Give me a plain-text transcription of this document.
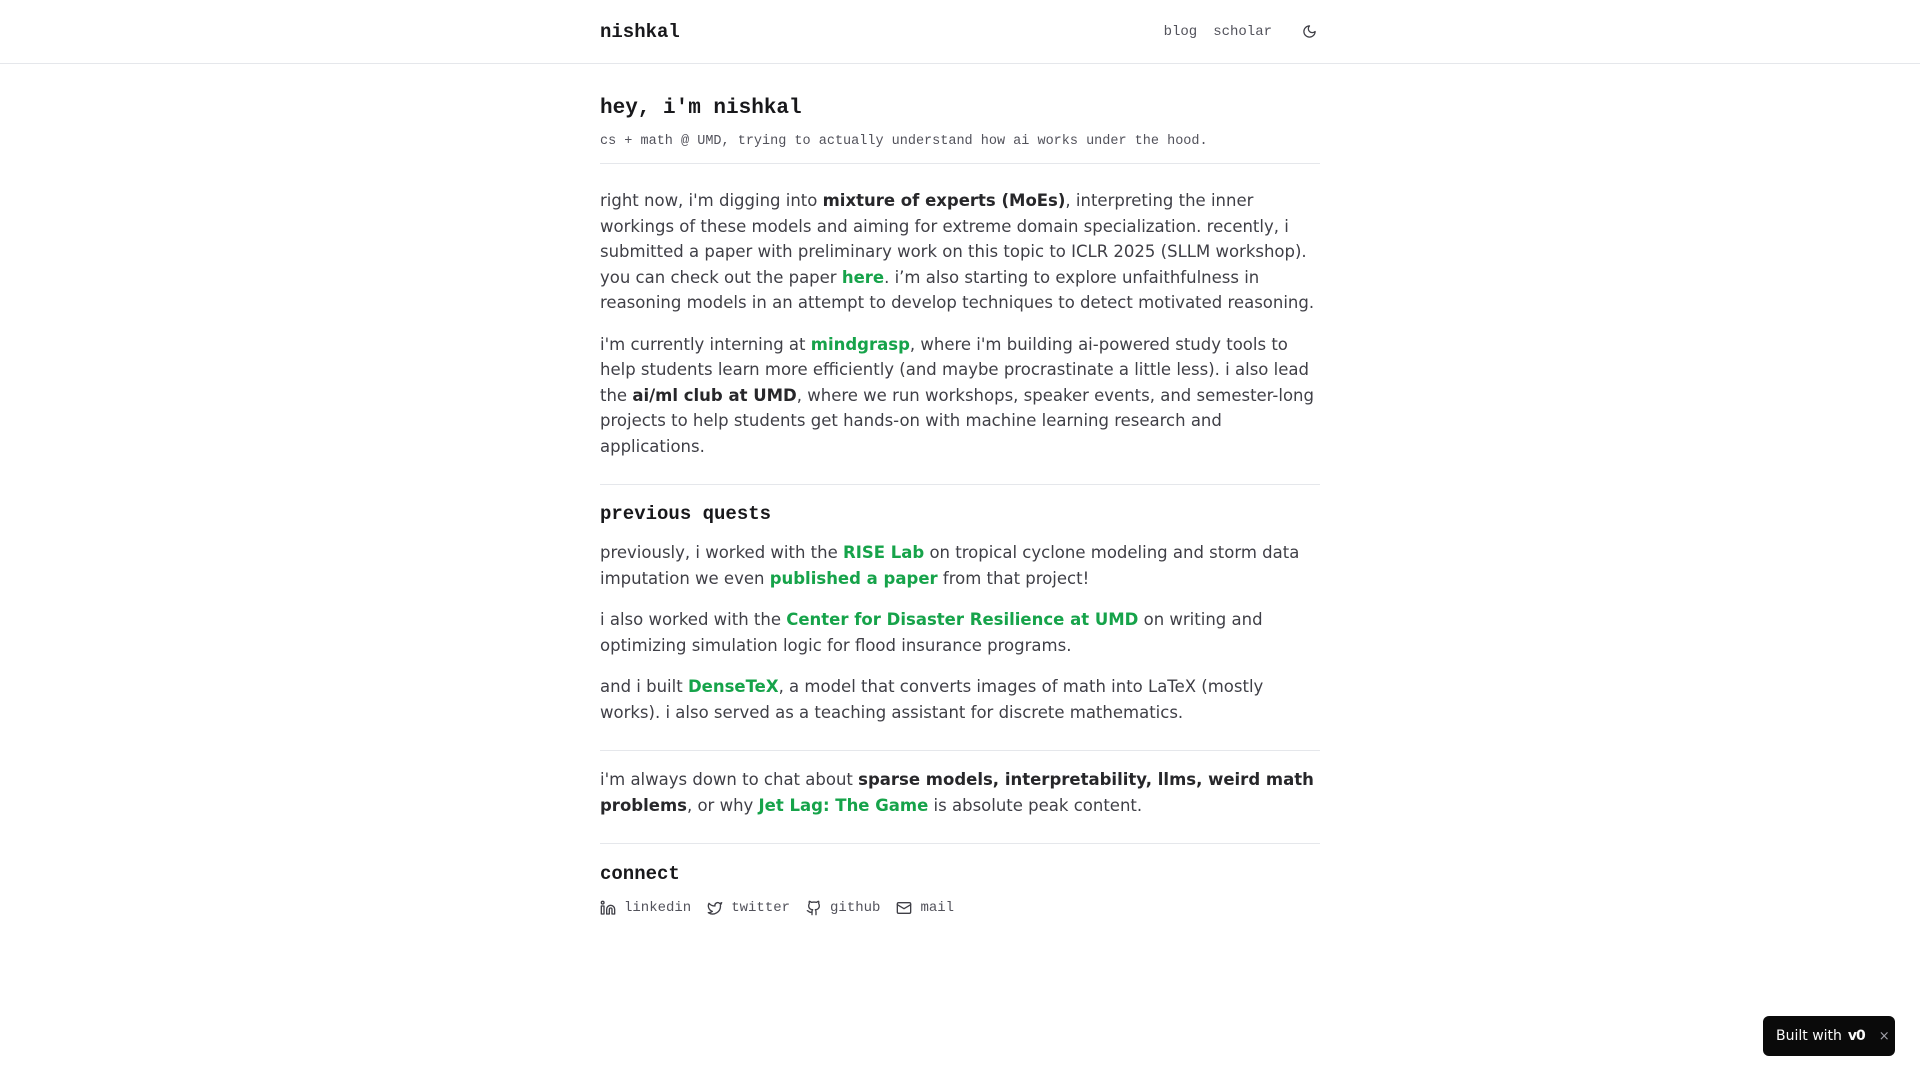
nishkal	blog scholar
hey, i'm nishkal
cs + math @ UMD, trying to actually understand how ai works under the hood.

right now, i'm digging into mixture of experts (MoEs), interpreting the inner workings of these models and aiming for extreme domain specialization. recently, i submitted a paper with preliminary work on this topic to ICLR 2025 (SLLM workshop). you can check out the paper here. i’m also starting to explore unfaithfulness in reasoning models in an attempt to develop techniques to detect motivated reasoning.

i'm currently interning at mindgrasp, where i'm building ai-powered study tools to help students learn more efficiently (and maybe procrastinate a little less). i also lead the ai/ml club at UMD, where we run workshops, speaker events, and semester-long projects to help students get hands-on with machine learning research and applications.

previous quests

previously, i worked with the RISE Lab on tropical cyclone modeling and storm data imputation we even published a paper from that project!

i also worked with the Center for Disaster Resilience at UMD on writing and optimizing simulation logic for flood insurance programs.

and i built DenseTeX, a model that converts images of math into LaTeX (mostly works). i also served as a teaching assistant for discrete mathematics.

i'm always down to chat about sparse models, interpretability, llms, weird math problems, or why Jet Lag: The Game is absolute peak content.

connect
linkedin	twitter	github	mail
Built with v0 ×
